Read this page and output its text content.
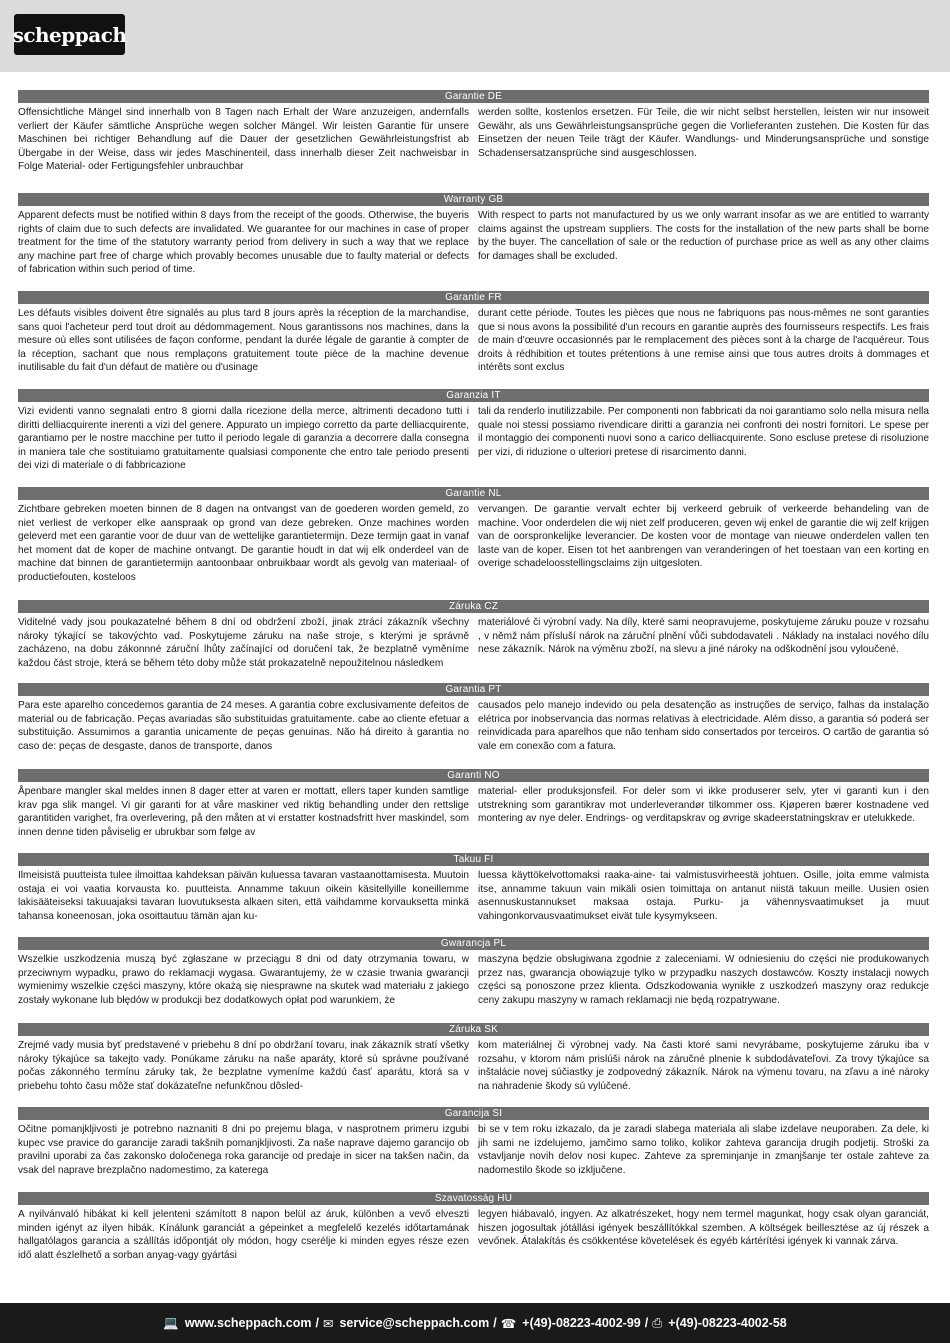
scheppach
Garantie DE
Offensichtliche Mängel sind innerhalb von 8 Tagen nach Erhalt der Ware anzuzeigen, andernfalls verliert der Käufer sämtliche Ansprüche wegen solcher Mängel. Wir leisten Garantie für unsere Maschinen bei richtiger Behandlung auf die Dauer der gesetzlichen Gewährleistungsfrist ab Übergabe in der Weise, dass wir jedes Maschinenteil, dass innerhalb dieser Zeit nachweisbar in Folge Material- oder Fertigungsfehler unbrauchbar
werden sollte, kostenlos ersetzen. Für Teile, die wir nicht selbst herstellen, leisten wir nur insoweit Gewähr, als uns Gewährleistungsansprüche gegen die Vorlieferanten zustehen. Die Kosten für das Einsetzen der neuen Teile trägt der Käufer. Wandlungs- und Minderungsansprüche und sonstige Schadensersatzansprüche sind ausgeschlossen.
Warranty GB
Apparent defects must be notified within 8 days from the receipt of the goods. Otherwise, the buyeris rights of claim due to such defects are invalidated. We guarantee for our machines in case of proper treatment for the time of the statutory warranty period from delivery in such a way that we replace any machine part free of charge which provably becomes unusable due to faulty material or defects of fabrication within such period of time.
With respect to parts not manufactured by us we only warrant insofar as we are entitled to warranty claims against the upstream suppliers. The costs for the installation of the new parts shall be borne by the buyer. The cancellation of sale or the reduction of purchase price as well as any other claims for damages shall be excluded.
Garantie FR
Les défauts visibles doivent être signalés au plus tard 8 jours après la réception de la marchandise, sans quoi l'acheteur perd tout droit au dédommagement. Nous garantissons nos machines, dans la mesure où elles sont utilisées de façon conforme, pendant la durée légale de garantie à compter de la réception, sachant que nous remplaçons gratuitement toute pièce de la machine devenue inutilisable du fait d'un défaut de matière ou d'usinage
durant cette période. Toutes les pièces que nous ne fabriquons pas nous-mêmes ne sont garanties que si nous avons la possibilité d'un recours en garantie auprès des fournisseurs respectifs. Les frais de main d'œuvre occasionnés par le remplacement des pièces sont à la charge de l'acquéreur. Tous droits à rédhibition et toutes prétentions à une remise ainsi que tous autres droits à dommages et intérêts sont exclus
Garanzia IT
Vizi evidenti vanno segnalati entro 8 giorni dalla ricezione della merce, altrimenti decadono tutti i diritti delliacquirente inerenti a vizi del genere. Appurato un impiego corretto da parte delliacquirente, garantiamo per le nostre macchine per tutto il periodo legale di garanzia a decorrere dalla consegna in maniera tale che sostituiamo gratuitamente qualsiasi componente che entro tale periodo presenti dei vizi di materiale o di fabbricazione
tali da renderlo inutilizzabile. Per componenti non fabbricati da noi garantiamo solo nella misura nella quale noi stessi possiamo rivendicare diritti a garanzia nei confronti dei nostri fornitori. Le spese per il montaggio dei componenti nuovi sono a carico delliacquirente. Sono escluse pretese di risoluzione per vizi, di riduzione o ulteriori pretese di risarcimento danni.
Garantie NL
Zichtbare gebreken moeten binnen de 8 dagen na ontvangst van de goederen worden gemeld, zo niet verliest de verkoper elke aanspraak op grond van deze gebreken. Onze machines worden geleverd met een garantie voor de duur van de wettelijke garantietermijn. Deze termijn gaat in vanaf het moment dat de koper de machine ontvangt. De garantie houdt in dat wij elk onderdeel van de machine dat binnen de garantietermijn aantoonbaar onbruikbaar wordt als gevolg van materiaal- of productiefouten, kosteloos
vervangen. De garantie vervalt echter bij verkeerd gebruik of verkeerde behandeling van de machine. Voor onderdelen die wij niet zelf produceren, geven wij enkel de garantie die wij zelf krijgen van de oorspronkelijke leverancier. De kosten voor de montage van nieuwe onderdelen vallen ten laste van de koper. Eisen tot het aanbrengen van veranderingen of het toestaan van een korting en overige schadeloosstellingsclaims zijn uitgesloten.
Záruka CZ
Viditelné vady jsou poukazatelné během 8 dní od obdržení zboží, jinak ztrácí zákazník všechny nároky týkající se takovýchto vad. Poskytujeme záruku na naše stroje, s kterými je správně zacházeno, na dobu zákonnné záruční lhůty začínající od doručení tak, že bezplatně vyměníme každou část stroje, která se během této doby může stát prokazatelně nepoužitelnou následkem
materiálové či výrobní vady. Na díly, které sami neopravujeme, poskytujeme záruku pouze v rozsahu , v němž nám přísluší nárok na záruční plnění vůči subdodavateli . Náklady na instalaci nového dílu nese zákazník. Nárok na výměnu zboží, na slevu a jiné nároky na odškodnění jsou vyloučené.
Garantia PT
Para este aparelho concedemos garantia de 24 meses. A garantia cobre exclusivamente defeitos de material ou de fabricação. Peças avariadas são substituidas gratuitamente. cabe ao cliente efetuar a substituição. Assumimos a garantia unicamente de peças genuinas. Não há direito à garantia no caso de: peças de desgaste, danos de transporte, danos
causados pelo manejo indevido ou pela desatenção as instruções de serviço, falhas da instalação elétrica por inobservancia das normas relativas à electricidade. Além disso, a garantia só poderá ser reinvidicada para aparelhos que não tenham sido consertados por terceiros. O cartão de garantia só vale em conexão com a fatura.
Garanti NO
Åpenbare mangler skal meldes innen 8 dager etter at varen er mottatt, ellers taper kunden samtlige krav pga slik mangel. Vi gir garanti for at våre maskiner ved riktig behandling under den rettslige garantitiden varighet, fra overlevering, på den måten at vi erstatter kostnadsfritt hver maskindel, som innen denne tiden påviselig er ubrukbar som følge av
material- eller produksjonsfeil. For deler som vi ikke produserer selv, yter vi garanti kun i den utstrekning som garantikrav mot underleverandør tilkommer oss. Kjøperen bærer kostnadene ved montering av nye deler. Endrings- og verditapskrav og øvrige skadeerstatningskrav er utelukkede.
Takuu FI
Ilmeisistä puutteista tulee ilmoittaa kahdeksan päivän kuluessa tavaran vastaanottamisesta. Muutoin ostaja ei voi vaatia korvausta ko. puutteista. Annamme takuun oikein käsitellyille koneillemme lakisääteiseksi takuuajaksi tavaran luovutuksesta alkaen siten, että vaihdamme korvauksetta minkä tahansa koneenosan, joka osoittautuu tämän ajan ku-
luessa käyttökelvottomaksi raaka-aine- tai valmistusvirheestä johtuen. Osille, joita emme valmista itse, annamme takuun vain mikäli osien toimittaja on antanut niistä takuun meille. Uusien osien asennuskustannukset maksaa ostaja. Purku- ja vähennysvaatimukset ja muut vahingonkorvausvaatimukset eivät tule kysymykseen.
Gwarancja PL
Wszelkie uszkodzenia muszą być zgłaszane w przeciągu 8 dni od daty otrzymania towaru, w przeciwnym wypadku, prawo do reklamacji wygasa. Gwarantujemy, że w czasie trwania gwarancji wymienimy wszelkie części maszyny, które okażą się niesprawne na skutek wad materiału z jakiego zostały wykonane lub błędów w produkcji bez dodatkowych opłat pod warunkiem, że
maszyna będzie obsługiwana zgodnie z zaleceniami. W odniesieniu do części nie produkowanych przez nas, gwarancja obowiązuje tylko w przypadku naszych dostawców. Koszty instalacji nowych części są ponoszone przez klienta. Odszkodowania wynikłe z uszkodzeń maszyny oraz redukcje ceny zakupu maszyny w ramach reklamacji nie będą rozpatrywane.
Záruka SK
Zrejmé vady musia byť predstavené v priebehu 8 dní po obdržaní tovaru, inak zákazník stratí všetky nároky týkajúce sa takejto vady. Ponúkame záruku na naše aparáty, ktoré sú správne používané počas zákonného termínu záruky tak, že bezplatne vymeníme každú časť aparátu, ktorá sa v priebehu tohto času môže stať dokázateľne nefunkčnou dôsled-
kom materiálnej či výrobnej vady. Na časti ktoré sami nevyrábame, poskytujeme záruku iba v rozsahu, v ktorom nám prislúši nárok na záručné plnenie k subdodávateľovi. Za trovy týkajúce sa inštalácie novej súčiastky je zodpovedný zákazník. Nárok na výmenu tovaru, na zľavu a iné nároky na nahradenie škody sú vylúčené.
Garancija SI
Očitne pomanjkljivosti je potrebno naznaniti 8 dni po prejemu blaga, v nasprotnem primeru izgubi kupec vse pravice do garancije zaradi takšnih pomanjkljivosti. Za naše naprave dajemo garancijo ob pravilni uporabi za čas zakonsko določenega roka garancije od predaje in sicer na takšen način, da vsak del naprave brezplačno nadomestimo, za katerega
bi se v tem roku izkazalo, da je zaradi slabega materiala ali slabe izdelave neuporaben. Za dele, ki jih sami ne izdelujemo, jamčimo samo toliko, kolikor zahteva garancija drugih podjetij. Stroški za vstavljanje novih delov nosi kupec. Zahteve za spreminjanje in zmanjšanje ter ostale zahteve za nadomestilo škode so izključene.
Szavatosság HU
A nyilvánvaló hibákat ki kell jelenteni számított 8 napon belül az áruk, különben a vevő elveszti minden igényt az ilyen hibák. Kínálunk garanciát a gépeinket a megfelelő kezelés időtartamának hallgatólagos garancia a szállítás időpontját oly módon, hogy cserélje ki minden egyes része ezen idő alatt észlelhető a sorban anyag-vagy gyártási
legyen hiábavaló, ingyen. Az alkatrészeket, hogy nem termel magunkat, hogy csak olyan garanciát, hiszen jogosultak jótállási igények beszállítókkal szemben. A költségek beillesztése az új részek a vevőnek. Átalakítás és csökkentése követelések és egyéb kártérítési igények ki vannak zárva.
💻 www.scheppach.com / ✉ service@scheppach.com / ☎ +(49)-08223-4002-99 / ⎙ +(49)-08223-4002-58
